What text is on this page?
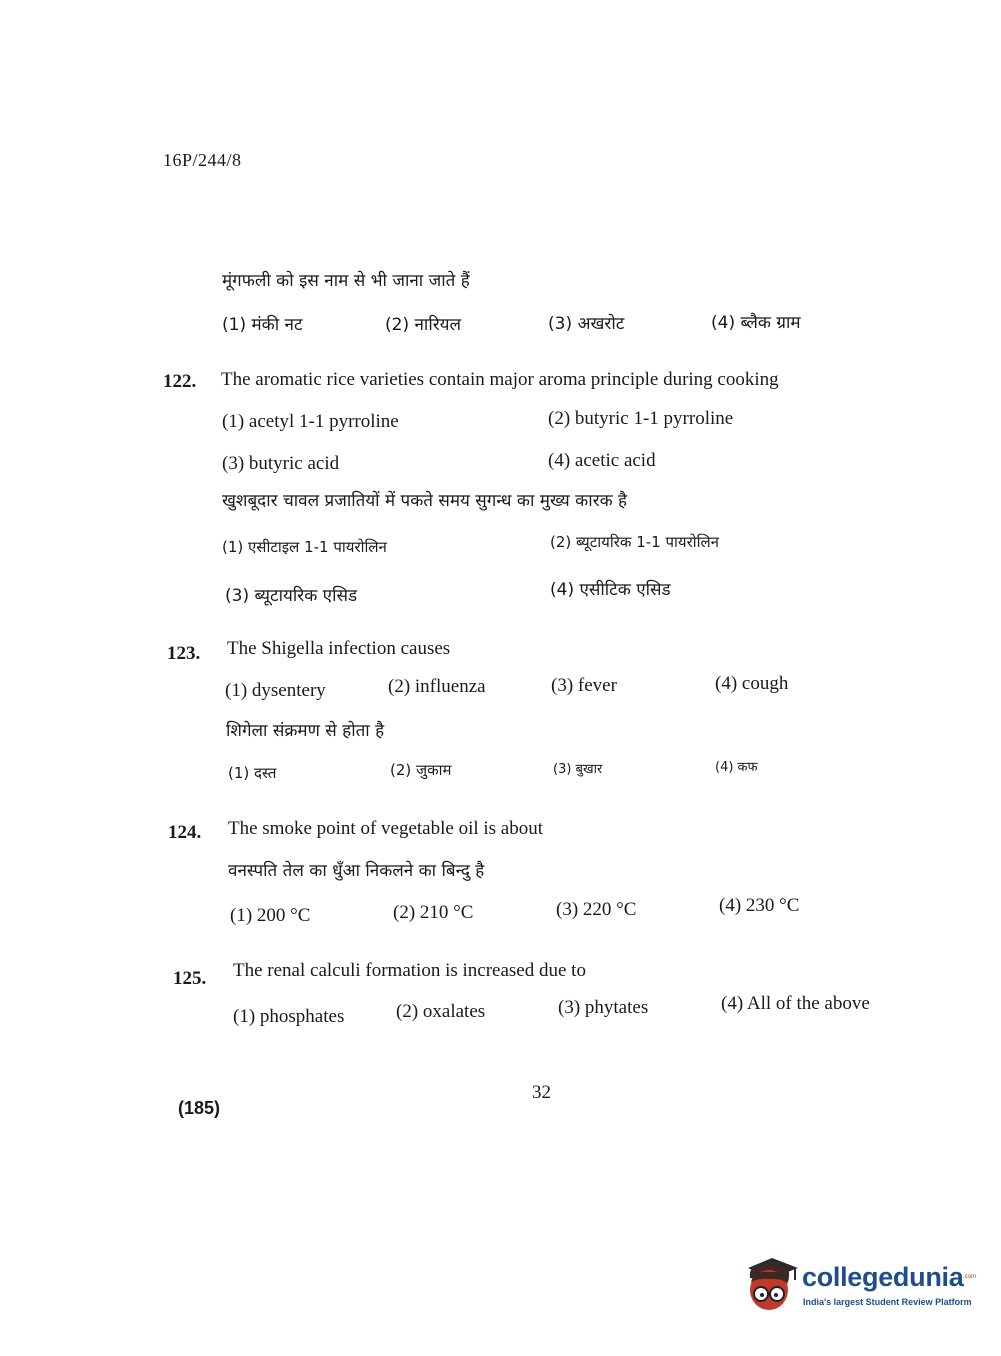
16P/244/8
मूंगफली को इस नाम से भी जाना जाते हैं
(1) मंकी नट	(2) नारियल	(3) अखरोट	(4) ब्लैक ग्राम
122. The aromatic rice varieties contain major aroma principle during cooking
(1) acetyl 1-1 pyrroline	(2) butyric 1-1 pyrroline
(3) butyric acid	(4) acetic acid
खुशबूदार चावल प्रजातियों में पकते समय सुगन्ध का मुख्य कारक है
(1) एसीटाइल 1-1 पायरोलिन	(2) ब्यूटायरिक 1-1 पायरोलिन
(3) ब्यूटायरिक एसिड	(4) एसीटिक एसिड
123. The Shigella infection causes
(1) dysentery	(2) influenza	(3) fever	(4) cough
शिगेला संक्रमण से होता है
(1) दस्त	(2) जुकाम	(3) बुखार	(4) कफ
124. The smoke point of vegetable oil is about
वनस्पति तेल का धुँआ निकलने का बिन्दु है
(1) 200 °C	(2) 210 °C	(3) 220 °C	(4) 230 °C
125. The renal calculi formation is increased due to
(1) phosphates	(2) oxalates	(3) phytates	(4) All of the above
32
(185)
collegedunia .com
India's largest Student Review Platform
